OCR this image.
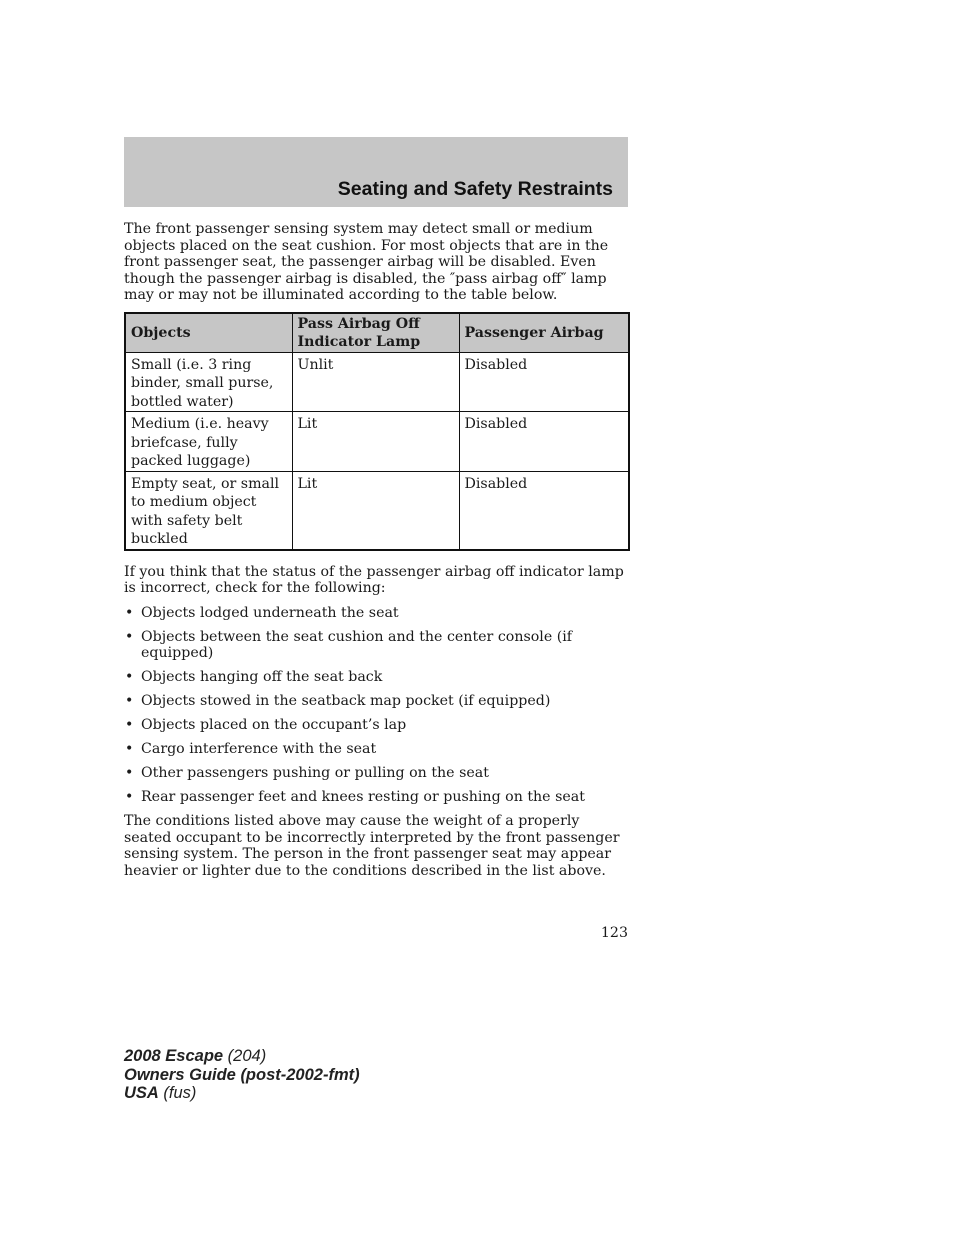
Seating and Safety Restraints

The front passenger sensing system may detect small or medium objects placed on the seat cushion. For most objects that are in the front passenger seat, the passenger airbag will be disabled. Even though the passenger airbag is disabled, the ″pass airbag off″ lamp may or may not be illuminated according to the table below.

Objects	Pass Airbag Off Indicator Lamp	Passenger Airbag
Small (i.e. 3 ring binder, small purse, bottled water)	Unlit	Disabled
Medium (i.e. heavy briefcase, fully packed luggage)	Lit	Disabled
Empty seat, or small to medium object with safety belt buckled	Lit	Disabled

If you think that the status of the passenger airbag off indicator lamp is incorrect, check for the following:

• Objects lodged underneath the seat
• Objects between the seat cushion and the center console (if equipped)
• Objects hanging off the seat back
• Objects stowed in the seatback map pocket (if equipped)
• Objects placed on the occupant’s lap
• Cargo interference with the seat
• Other passengers pushing or pulling on the seat
• Rear passenger feet and knees resting or pushing on the seat

The conditions listed above may cause the weight of a properly seated occupant to be incorrectly interpreted by the front passenger sensing system. The person in the front passenger seat may appear heavier or lighter due to the conditions described in the list above.

123
2008 Escape (204)
Owners Guide (post-2002-fmt)
USA (fus)
